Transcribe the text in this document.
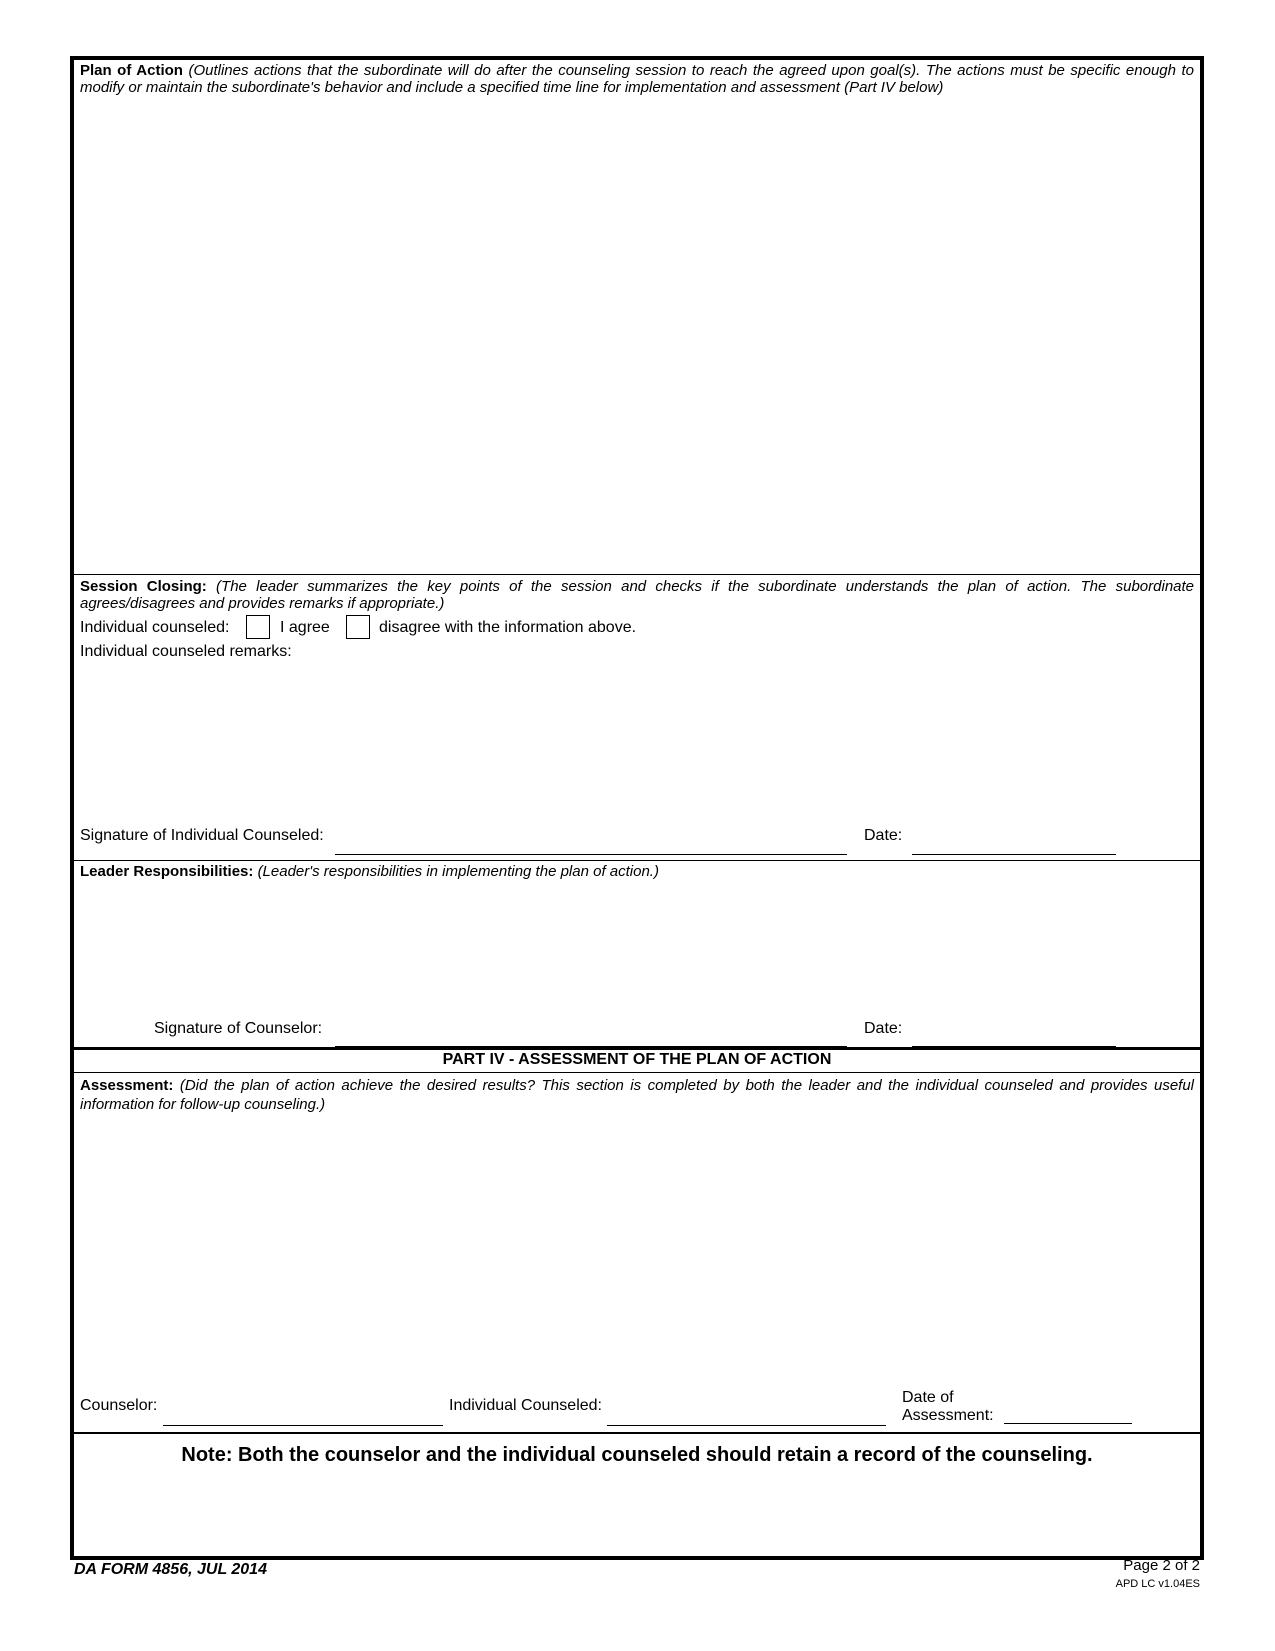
Plan of Action (Outlines actions that the subordinate will do after the counseling session to reach the agreed upon goal(s). The actions must be specific enough to modify or maintain the subordinate's behavior and include a specified time line for implementation and assessment (Part IV below)
Session Closing: (The leader summarizes the key points of the session and checks if the subordinate understands the plan of action. The subordinate agrees/disagrees and provides remarks if appropriate.)
Individual counseled:	I agree	disagree with the information above.
Individual counseled remarks:
Signature of Individual Counseled:	Date:
Leader Responsibilities: (Leader's responsibilities in implementing the plan of action.)
Signature of Counselor:	Date:
PART IV - ASSESSMENT OF THE PLAN OF ACTION
Assessment: (Did the plan of action achieve the desired results? This section is completed by both the leader and the individual counseled and provides useful information for follow-up counseling.)
Counselor:	Individual Counseled:	Date of
Assessment:
Note: Both the counselor and the individual counseled should retain a record of the counseling.
DA FORM 4856, JUL 2014	Page 2 of 2
APD LC v1.04ES
